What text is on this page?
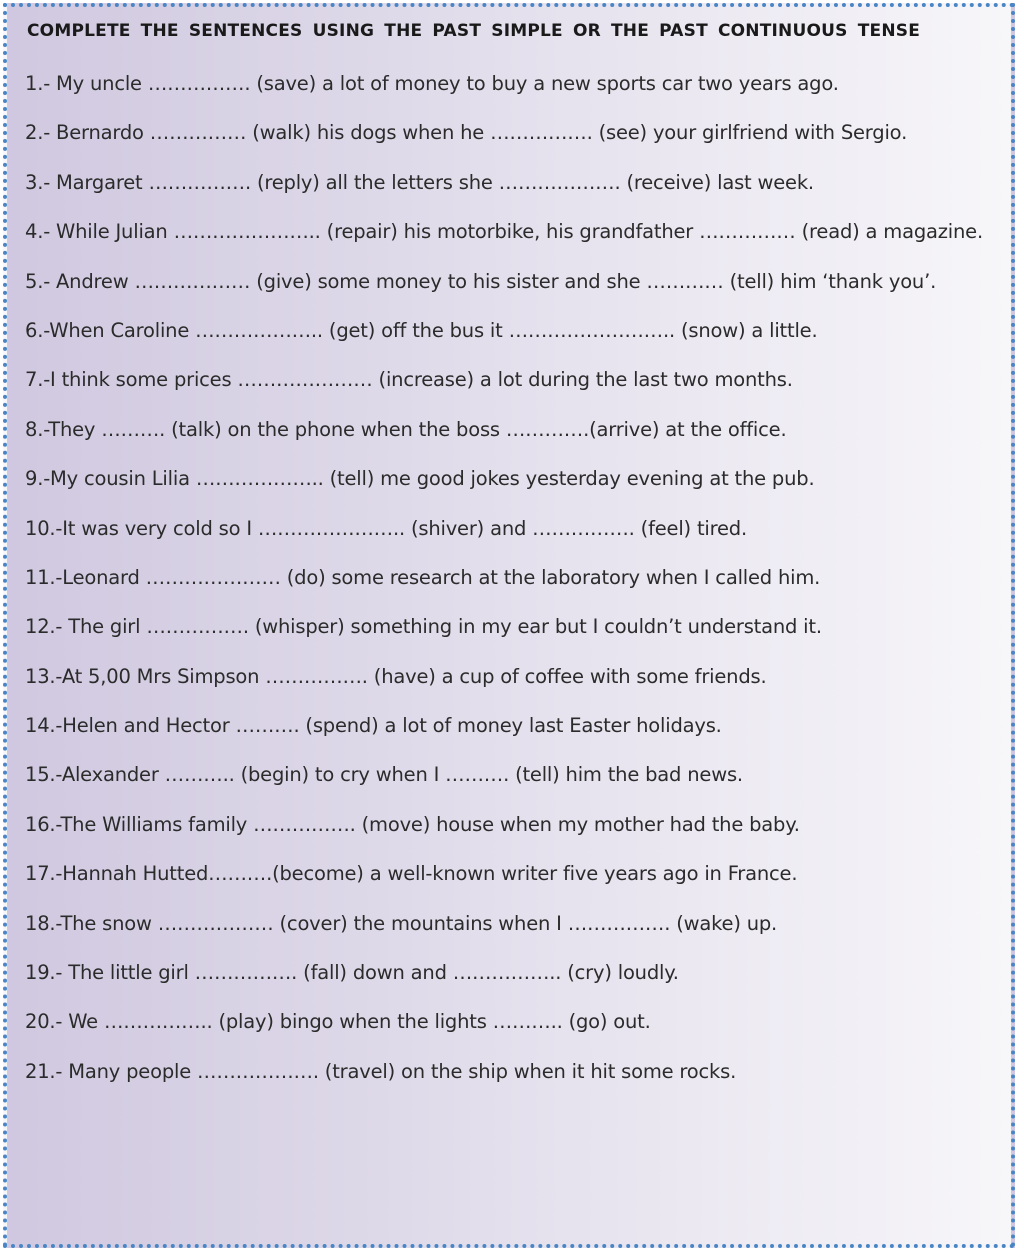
COMPLETE THE SENTENCES USING THE PAST SIMPLE OR THE PAST CONTINUOUS TENSE
1.- My uncle ……………. (save) a lot of money to buy a new sports car two years ago.
2.- Bernardo …………… (walk) his dogs when he ……………. (see) your girlfriend with Sergio.
3.- Margaret ……………. (reply) all the letters she ………………. (receive) last week.
4.- While Julian ………………….. (repair) his motorbike, his grandfather …………… (read) a magazine.
5.- Andrew ……………… (give) some money to his sister and she ………… (tell) him ‘thank you’.
6.-When Caroline ……………….. (get) off the bus it …………………….. (snow) a little.
7.-I think some prices ………………… (increase) a lot during the last two months.
8.-They ………. (talk) on the phone when the boss ………….(arrive) at the office.
9.-My cousin Lilia ……………….. (tell) me good jokes yesterday evening at the pub.
10.-It was very cold so I ………………….. (shiver) and ……………. (feel) tired.
11.-Leonard ………………… (do) some research at the laboratory when I called him.
12.- The girl ……………. (whisper) something in my ear but I couldn’t understand it.
13.-At 5,00 Mrs Simpson ……………. (have) a cup of coffee with some friends.
14.-Helen and Hector ………. (spend) a lot of money last Easter holidays.
15.-Alexander ……….. (begin) to cry when I ………. (tell) him the bad news.
16.-The Williams family ……………. (move) house when my mother had the baby.
17.-Hannah Hutted……….(become) a well-known writer five years ago in France.
18.-The snow ……………… (cover) the mountains when I ……………. (wake) up.
19.- The little girl ……………. (fall) down and …………….. (cry) loudly.
20.- We …………….. (play) bingo when the lights ……….. (go) out.
21.- Many people ………………. (travel) on the ship when it hit some rocks.
